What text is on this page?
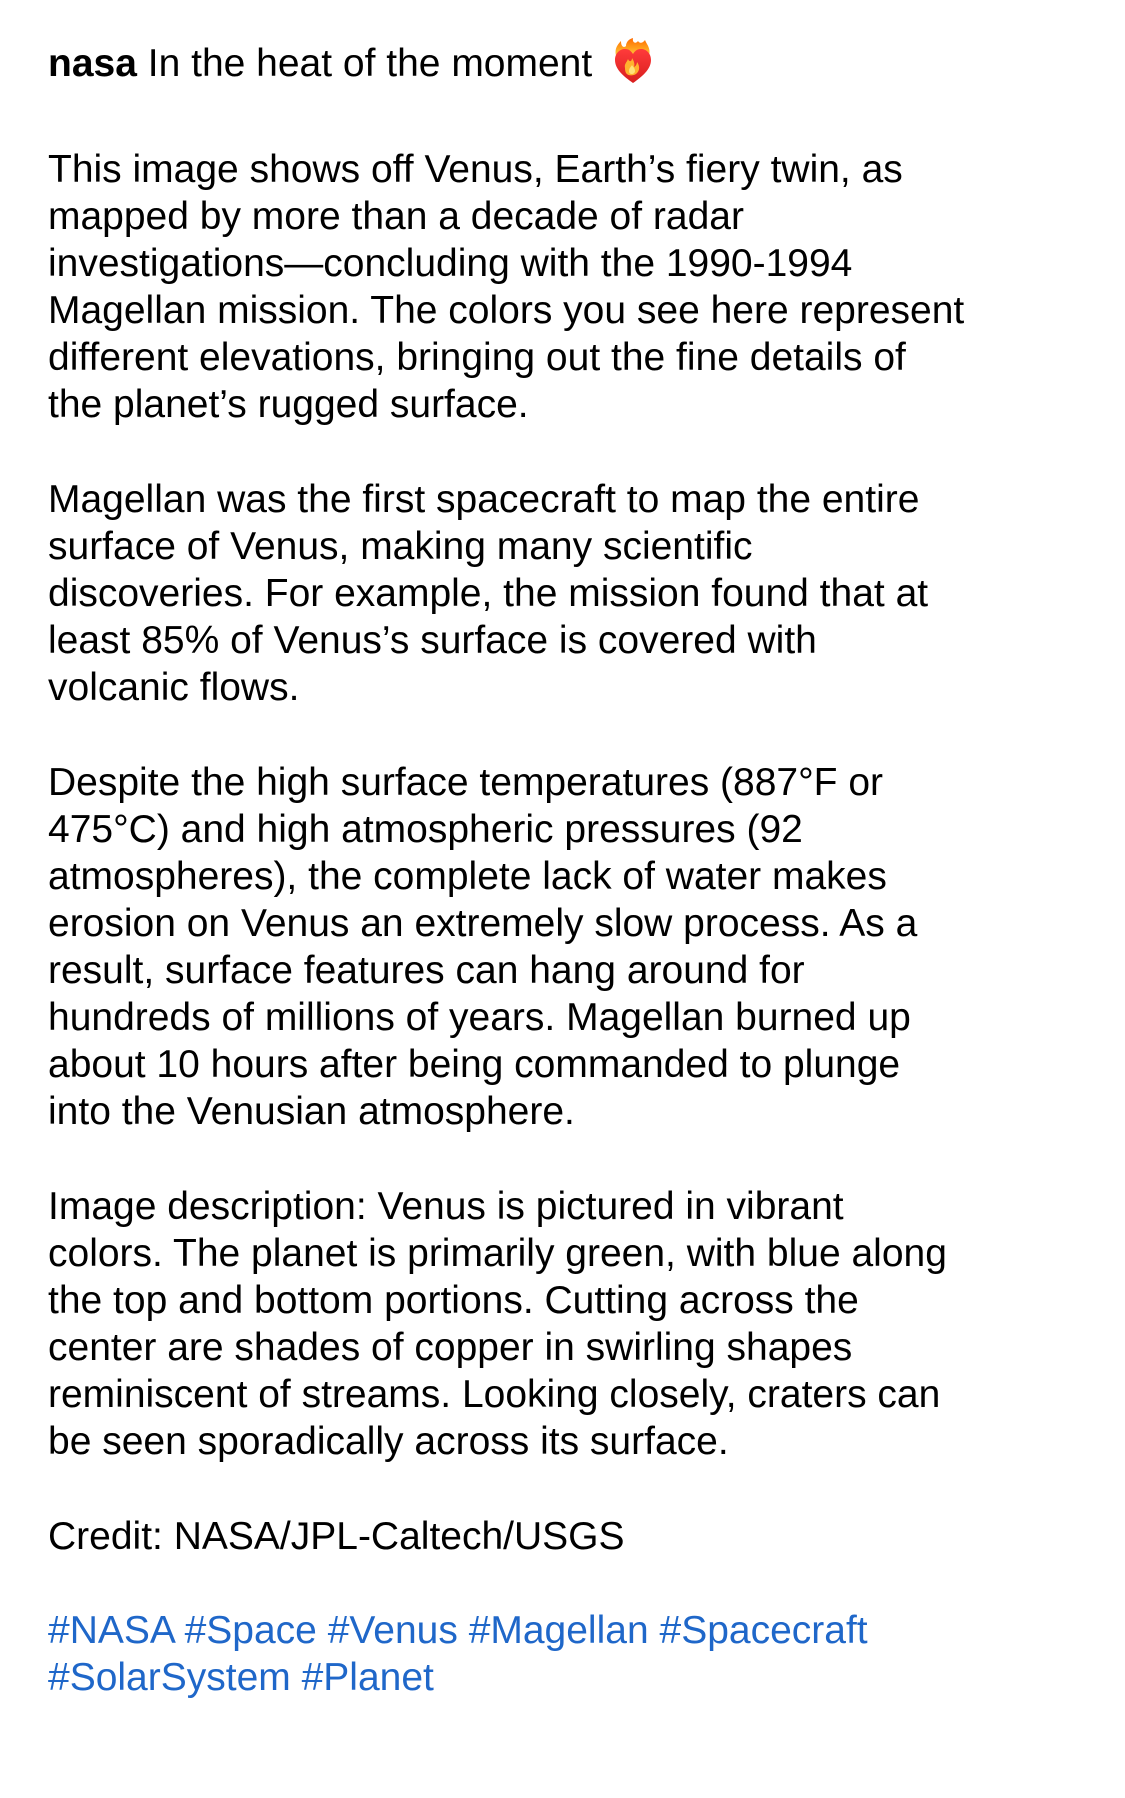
nasa In the heat of the moment

This image shows off Venus, Earth’s fiery twin, as
mapped by more than a decade of radar
investigations—concluding with the 1990-1994
Magellan mission. The colors you see here represent
different elevations, bringing out the fine details of
the planet’s rugged surface.

Magellan was the first spacecraft to map the entire
surface of Venus, making many scientific
discoveries. For example, the mission found that at
least 85% of Venus’s surface is covered with
volcanic flows.

Despite the high surface temperatures (887°F or
475°C) and high atmospheric pressures (92
atmospheres), the complete lack of water makes
erosion on Venus an extremely slow process. As a
result, surface features can hang around for
hundreds of millions of years. Magellan burned up
about 10 hours after being commanded to plunge
into the Venusian atmosphere.

Image description: Venus is pictured in vibrant
colors. The planet is primarily green, with blue along
the top and bottom portions. Cutting across the
center are shades of copper in swirling shapes
reminiscent of streams. Looking closely, craters can
be seen sporadically across its surface.

Credit: NASA/JPL-Caltech/USGS

#NASA #Space #Venus #Magellan #Spacecraft
#SolarSystem #Planet
